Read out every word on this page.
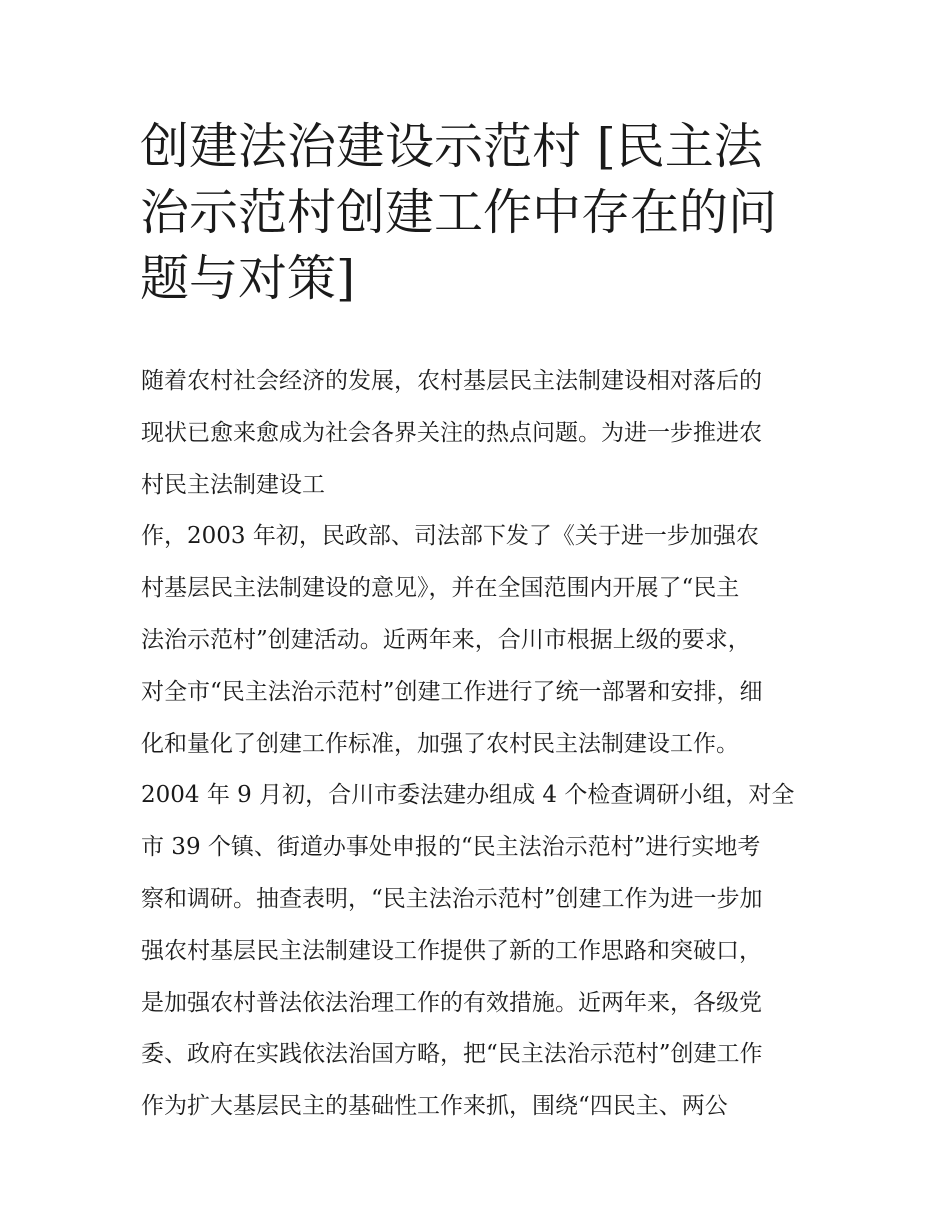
创建法治建设示范村 [民主法
治示范村创建工作中存在的问
题与对策]
随着农村社会经济的发展，农村基层民主法制建设相对落后的
现状已愈来愈成为社会各界关注的热点问题。为进一步推进农
村民主法制建设工
作，2003 年初，民政部、司法部下发了《关于进一步加强农
村基层民主法制建设的意见》，并在全国范围内开展了“民主
法治示范村”创建活动。近两年来，合川市根据上级的要求，
对全市“民主法治示范村”创建工作进行了统一部署和安排，细
化和量化了创建工作标准，加强了农村民主法制建设工作。
2004 年 9 月初，合川市委法建办组成 4 个检查调研小组，对全
市 39 个镇、街道办事处申报的“民主法治示范村”进行实地考
察和调研。抽查表明，“民主法治示范村”创建工作为进一步加
强农村基层民主法制建设工作提供了新的工作思路和突破口，
是加强农村普法依法治理工作的有效措施。近两年来，各级党
委、政府在实践依法治国方略，把“民主法治示范村”创建工作
作为扩大基层民主的基础性工作来抓，围绕“四民主、两公
